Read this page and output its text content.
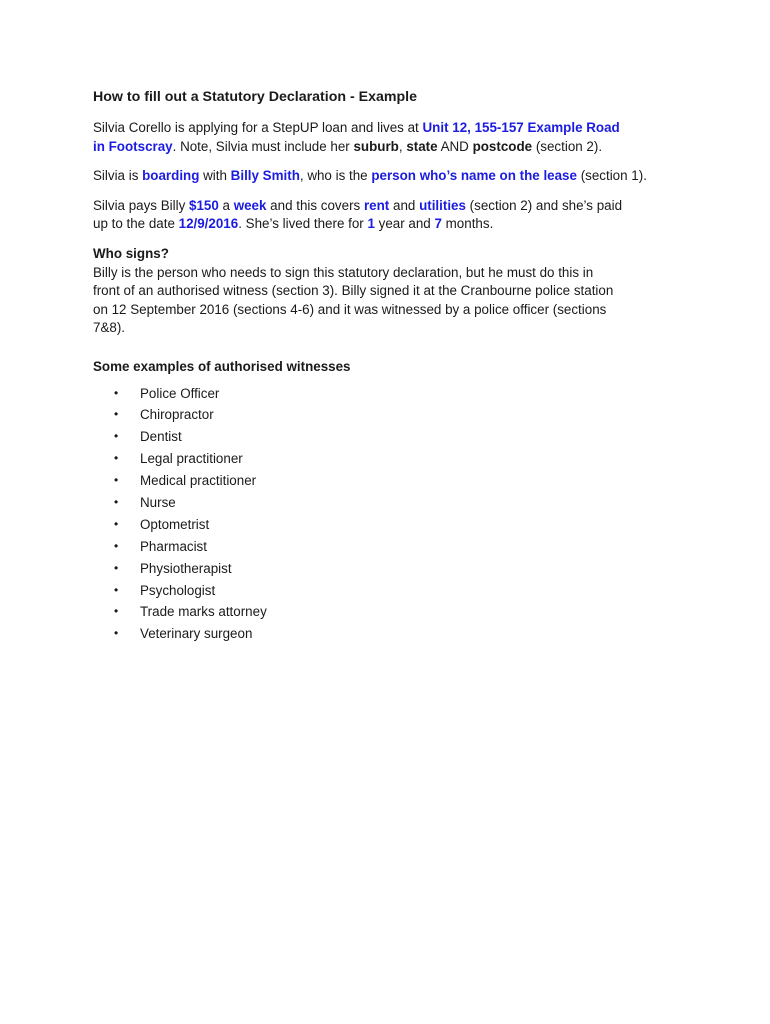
How to fill out a Statutory Declaration - Example

Silvia Corello is applying for a StepUP loan and lives at Unit 12, 155-157 Example Road
in Footscray. Note, Silvia must include her suburb, state AND postcode (section 2).

Silvia is boarding with Billy Smith, who is the person who’s name on the lease (section 1).

Silvia pays Billy $150 a week and this covers rent and utilities (section 2) and she’s paid
up to the date 12/9/2016. She’s lived there for 1 year and 7 months.

Who signs?
Billy is the person who needs to sign this statutory declaration, but he must do this in
front of an authorised witness (section 3). Billy signed it at the Cranbourne police station
on 12 September 2016 (sections 4-6) and it was witnessed by a police officer (sections
7&8).

Some examples of authorised witnesses
• Police Officer
• Chiropractor
• Dentist
• Legal practitioner
• Medical practitioner
• Nurse
• Optometrist
• Pharmacist
• Physiotherapist
• Psychologist
• Trade marks attorney
• Veterinary surgeon
